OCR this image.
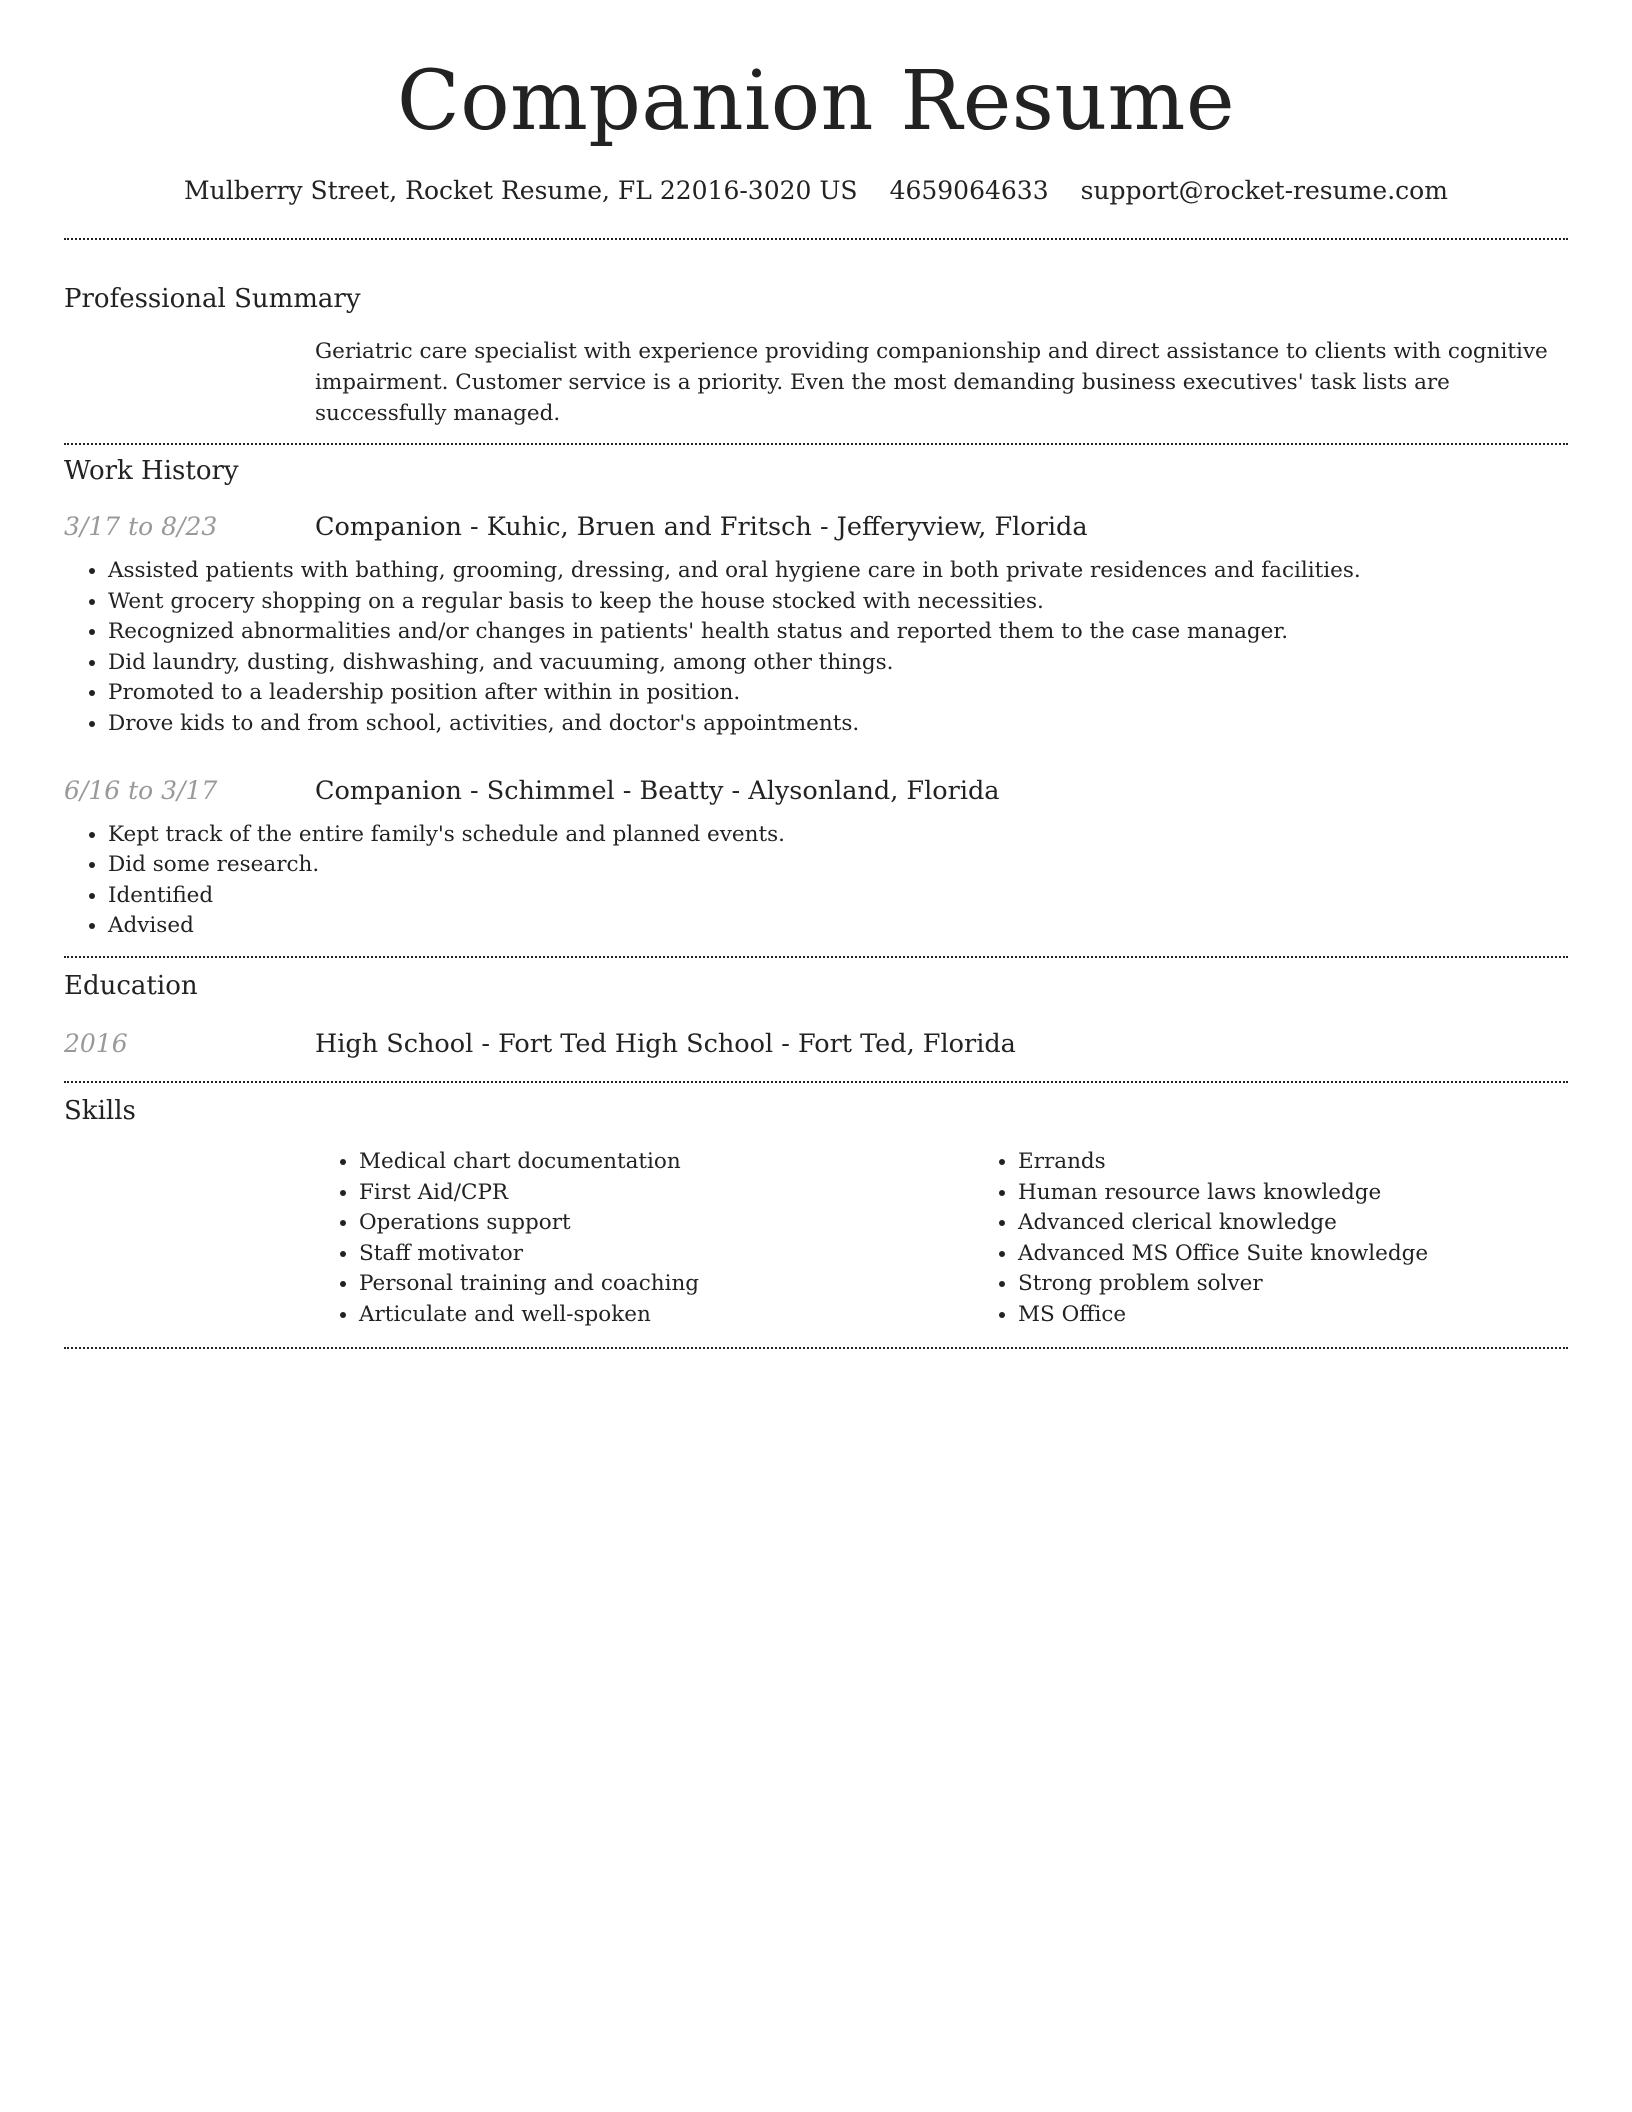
Companion Resume
Mulberry Street, Rocket Resume, FL 22016-3020 US 4659064633 support@rocket-resume.com
Professional Summary
Geriatric care specialist with experience providing companionship and direct assistance to clients with cognitive impairment. Customer service is a priority. Even the most demanding business executives' task lists are successfully managed.
Work History
3/17 to 8/23	Companion - Kuhic, Bruen and Fritsch - Jefferyview, Florida
• Assisted patients with bathing, grooming, dressing, and oral hygiene care in both private residences and facilities.
• Went grocery shopping on a regular basis to keep the house stocked with necessities.
• Recognized abnormalities and/or changes in patients' health status and reported them to the case manager.
• Did laundry, dusting, dishwashing, and vacuuming, among other things.
• Promoted to a leadership position after within in position.
• Drove kids to and from school, activities, and doctor's appointments.
6/16 to 3/17	Companion - Schimmel - Beatty - Alysonland, Florida
• Kept track of the entire family's schedule and planned events.
• Did some research.
• Identified
• Advised
Education
2016	High School - Fort Ted High School - Fort Ted, Florida
Skills
• Medical chart documentation
• First Aid/CPR
• Operations support
• Staff motivator
• Personal training and coaching
• Articulate and well-spoken
• Errands
• Human resource laws knowledge
• Advanced clerical knowledge
• Advanced MS Office Suite knowledge
• Strong problem solver
• MS Office
